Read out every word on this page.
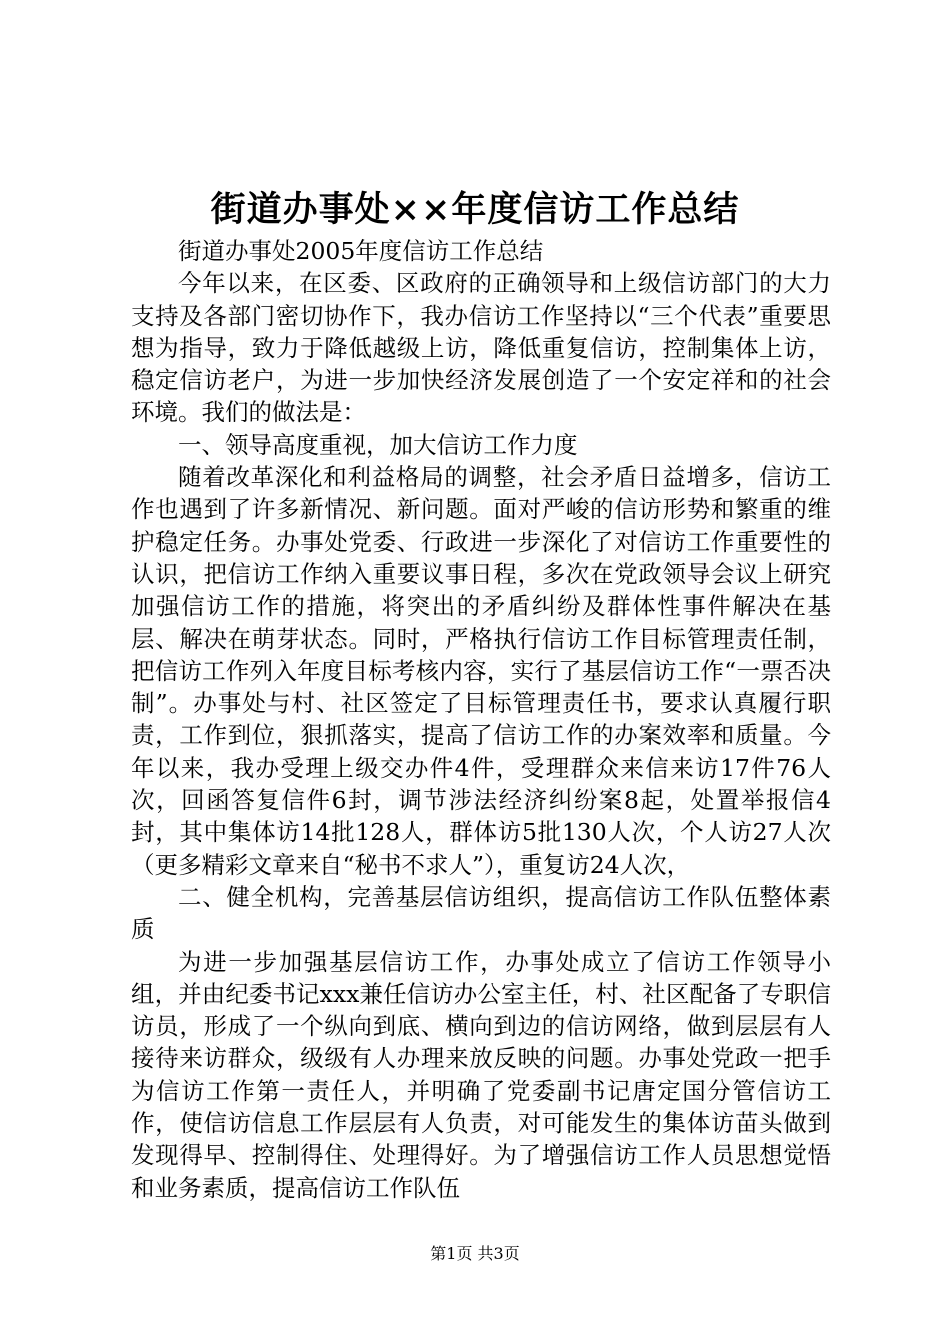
街道办事处××年度信访工作总结

街道办事处2005年度信访工作总结

今年以来，在区委、区政府的正确领导和上级信访部门的大力支持及各部门密切协作下，我办信访工作坚持以“三个代表”重要思想为指导，致力于降低越级上访，降低重复信访，控制集体上访，稳定信访老户，为进一步加快经济发展创造了一个安定祥和的社会环境。我们的做法是：

一、领导高度重视，加大信访工作力度

随着改革深化和利益格局的调整，社会矛盾日益增多，信访工作也遇到了许多新情况、新问题。面对严峻的信访形势和繁重的维护稳定任务。办事处党委、行政进一步深化了对信访工作重要性的认识，把信访工作纳入重要议事日程，多次在党政领导会议上研究加强信访工作的措施，将突出的矛盾纠纷及群体性事件解决在基层、解决在萌芽状态。同时，严格执行信访工作目标管理责任制，把信访工作列入年度目标考核内容，实行了基层信访工作“一票否决制”。办事处与村、社区签定了目标管理责任书，要求认真履行职责，工作到位，狠抓落实，提高了信访工作的办案效率和质量。今年以来，我办受理上级交办件4件，受理群众来信来访17件76人次，回函答复信件6封，调节涉法经济纠纷案8起，处置举报信4封，其中集体访14批128人，群体访5批130人次，个人访27人次（更多精彩文章来自“秘书不求人”），重复访24人次，

二、健全机构，完善基层信访组织，提高信访工作队伍整体素质

为进一步加强基层信访工作，办事处成立了信访工作领导小组，并由纪委书记xxx兼任信访办公室主任，村、社区配备了专职信访员，形成了一个纵向到底、横向到边的信访网络，做到层层有人接待来访群众，级级有人办理来放反映的问题。办事处党政一把手为信访工作第一责任人，并明确了党委副书记唐定国分管信访工作，使信访信息工作层层有人负责，对可能发生的集体访苗头做到发现得早、控制得住、处理得好。为了增强信访工作人员思想觉悟和业务素质，提高信访工作队伍

第1页 共3页
